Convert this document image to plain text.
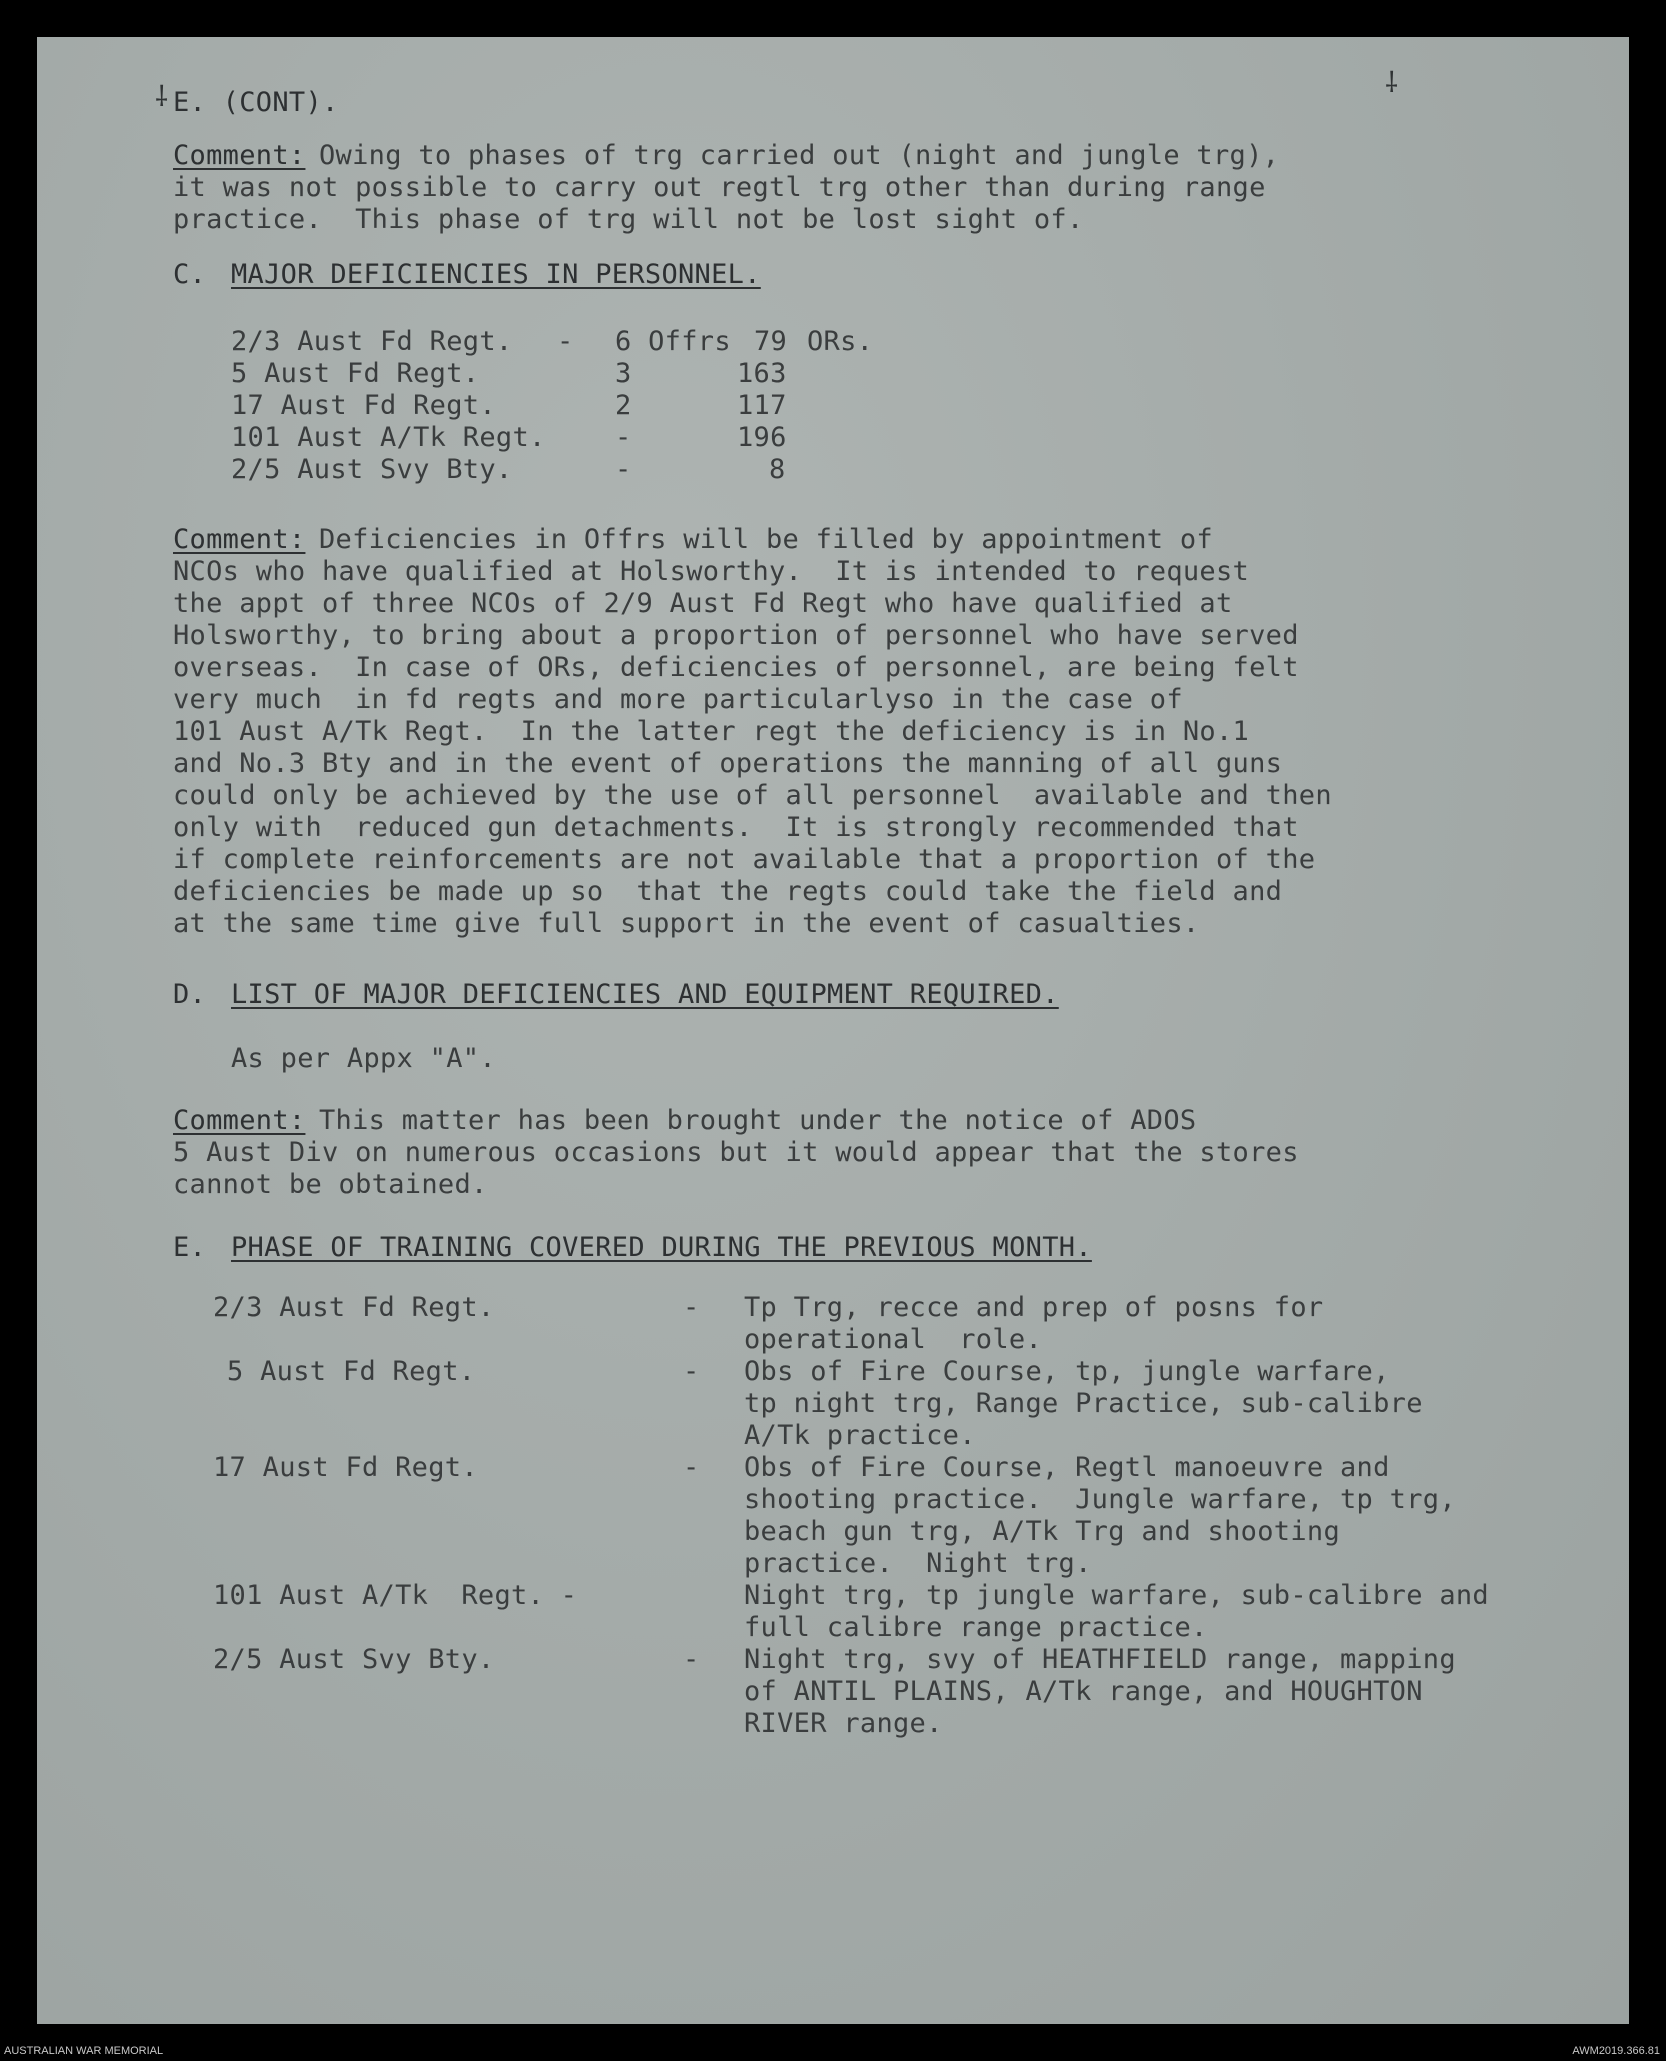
⸸	⸸
E. (CONT).
Comment: Owing to phases of trg carried out (night and jungle trg),
it was not possible to carry out regtl trg other than during range
practice.  This phase of trg will not be lost sight of.
C. MAJOR DEFICIENCIES IN PERSONNEL.
2/3 Aust Fd Regt. - 6 Offrs 79 ORs.
5 Aust Fd Regt.	3	163
17 Aust Fd Regt.	2	117
101 Aust A/Tk Regt.	-	196
2/5 Aust Svy Bty.	-	8
Comment: Deficiencies in Offrs will be filled by appointment of
NCOs who have qualified at Holsworthy.  It is intended to request
the appt of three NCOs of 2/9 Aust Fd Regt who have qualified at
Holsworthy, to bring about a proportion of personnel who have served
overseas.  In case of ORs, deficiencies of personnel, are being felt
very much  in fd regts and more particularlyso in the case of
101 Aust A/Tk Regt.  In the latter regt the deficiency is in No.1
and No.3 Bty and in the event of operations the manning of all guns
could only be achieved by the use of all personnel  available and then
only with  reduced gun detachments.  It is strongly recommended that
if complete reinforcements are not available that a proportion of the
deficiencies be made up so  that the regts could take the field and
at the same time give full support in the event of casualties.
D. LIST OF MAJOR DEFICIENCIES AND EQUIPMENT REQUIRED.
As per Appx "A".
Comment: This matter has been brought under the notice of ADOS
5 Aust Div on numerous occasions but it would appear that the stores
cannot be obtained.
E. PHASE OF TRAINING COVERED DURING THE PREVIOUS MONTH.
2/3 Aust Fd Regt.	- Tp Trg, recce and prep of posns for
operational  role.
5 Aust Fd Regt.	- Obs of Fire Course, tp, jungle warfare,
tp night trg, Range Practice, sub-calibre
A/Tk practice.
17 Aust Fd Regt.	- Obs of Fire Course, Regtl manoeuvre and
shooting practice.  Jungle warfare, tp trg,
beach gun trg, A/Tk Trg and shooting
practice.  Night trg.
101 Aust A/Tk  Regt. -	Night trg, tp jungle warfare, sub-calibre and
full calibre range practice.
2/5 Aust Svy Bty.	- Night trg, svy of HEATHFIELD range, mapping
of ANTIL PLAINS, A/Tk range, and HOUGHTON
RIVER range.
AUSTRALIAN WAR MEMORIAL	AWM2019.366.81
